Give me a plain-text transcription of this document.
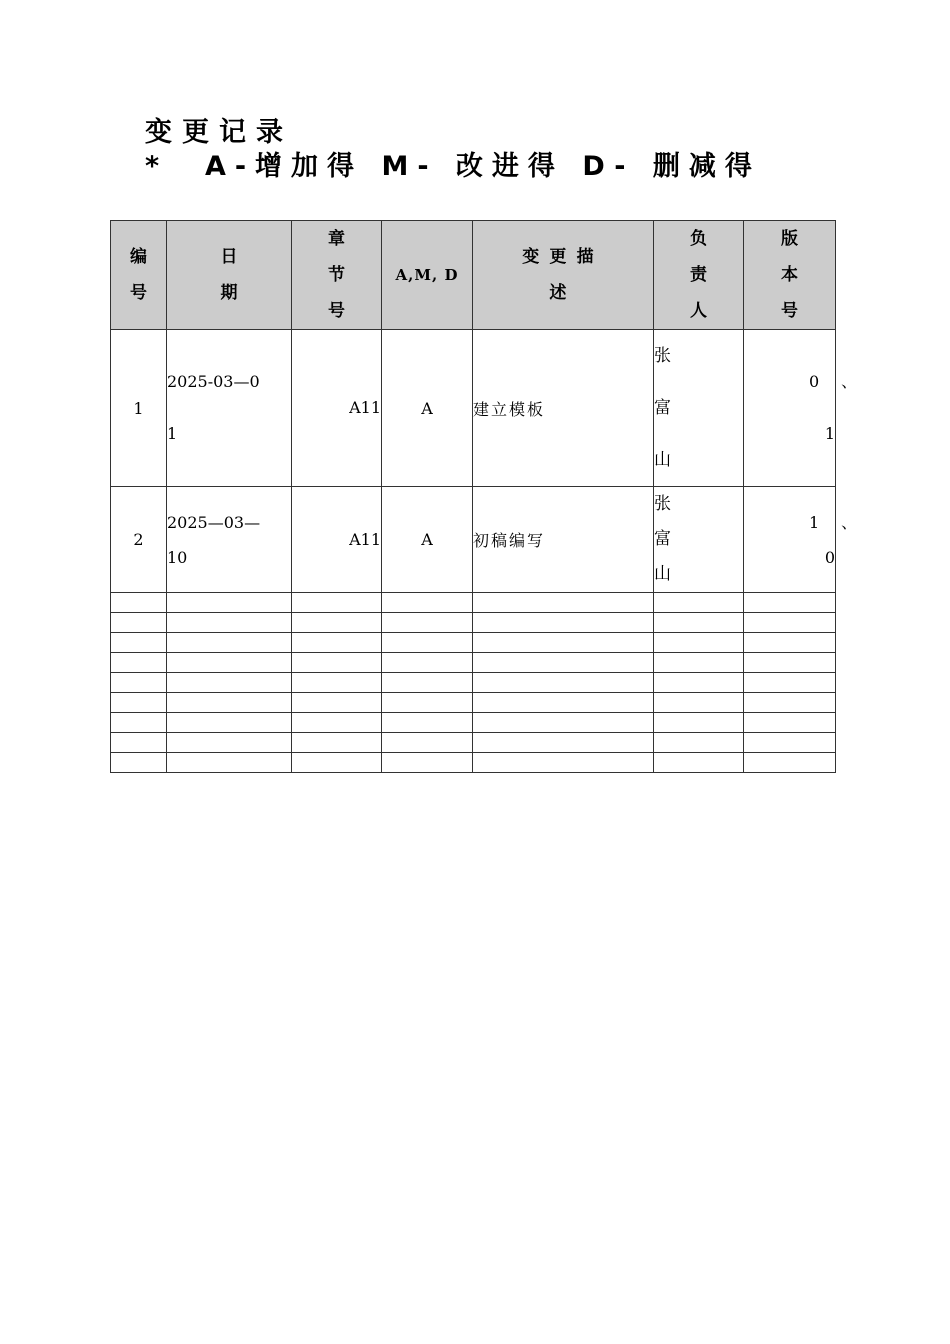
变更记录
*  A-增加得 M- 改进得 D- 删减得
编号	日期	章节号	A,M, D	变更描述	负责人	版本号
1	2025-03—01	A11	A	建立模板	张富山	0、1

2	2025—03—10	A11	A	初稿编写	张富山	1、0
